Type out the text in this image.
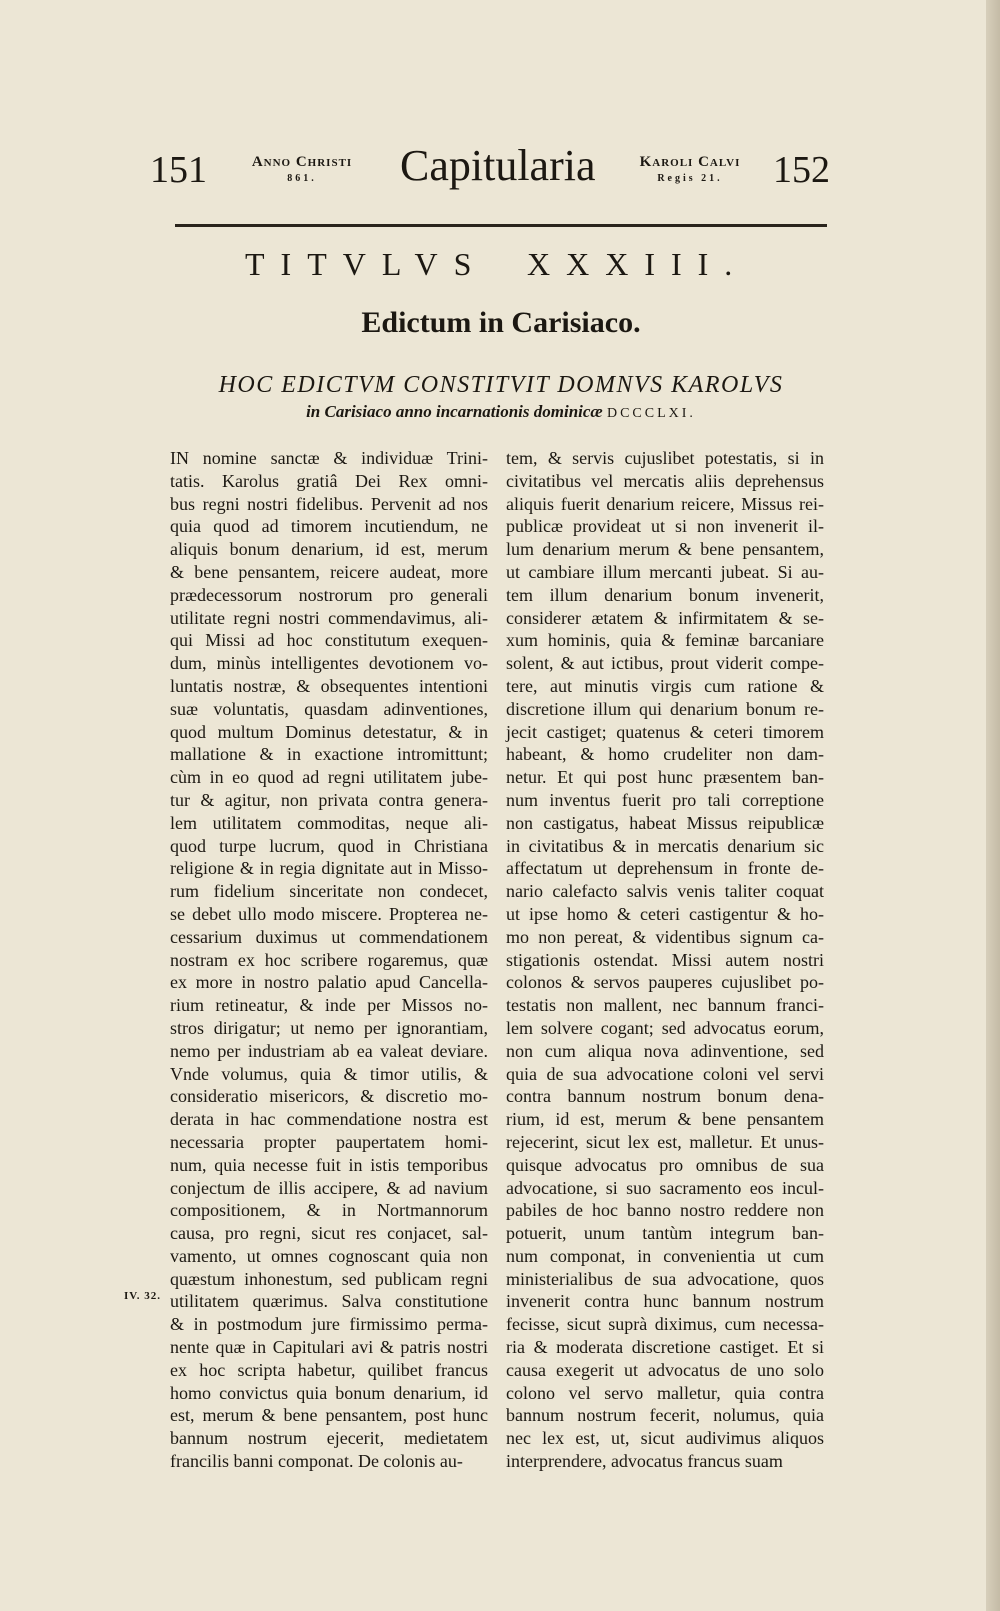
151	Anno Christi
861.	Capitularia	Karoli Calvi
Regis 21.	152
TITVLVS XXXIII.
Edictum in Carisiaco.
HOC EDICTVM CONSTITVIT DOMNVS KAROLVS
in Carisiaco anno incarnationis dominicæ DCCCLXI.
IN nomine sanctæ & individuæ Trini-
tatis. Karolus gratiâ Dei Rex omni-
bus regni nostri fidelibus. Pervenit ad nos
quia quod ad timorem incutiendum, ne
aliquis bonum denarium, id est, merum
& bene pensantem, reicere audeat, more
prædecessorum nostrorum pro generali
utilitate regni nostri commendavimus, ali-
qui Missi ad hoc constitutum exequen-
dum, minùs intelligentes devotionem vo-
luntatis nostræ, & obsequentes intentioni
suæ voluntatis, quasdam adinventiones,
quod multum Dominus detestatur, & in
mallatione & in exactione intromittunt;
cùm in eo quod ad regni utilitatem jube-
tur & agitur, non privata contra genera-
lem utilitatem commoditas, neque ali-
quod turpe lucrum, quod in Christiana
religione & in regia dignitate aut in Misso-
rum fidelium sinceritate non condecet,
se debet ullo modo miscere. Propterea ne-
cessarium duximus ut commendationem
nostram ex hoc scribere rogaremus, quæ
ex more in nostro palatio apud Cancella-
rium retineatur, & inde per Missos no-
stros dirigatur; ut nemo per ignorantiam,
nemo per industriam ab ea valeat deviare.
Vnde volumus, quia & timor utilis, &
consideratio misericors, & discretio mo-
derata in hac commendatione nostra est
necessaria propter paupertatem homi-
num, quia necesse fuit in istis temporibus
conjectum de illis accipere, & ad navium
compositionem, & in Nortmannorum
causa, pro regni, sicut res conjacet, sal-
vamento, ut omnes cognoscant quia non
quæstum inhonestum, sed publicam regni
utilitatem quærimus. Salva constitutione
& in postmodum jure firmissimo perma-
nente quæ in Capitulari avi & patris nostri
ex hoc scripta habetur, quilibet francus
homo convictus quia bonum denarium, id
est, merum & bene pensantem, post hunc
bannum nostrum ejecerit, medietatem
francilis banni componat. De colonis au-
tem, & servis cujuslibet potestatis, si in
civitatibus vel mercatis aliis deprehensus
aliquis fuerit denarium reicere, Missus rei-
publicæ provideat ut si non invenerit il-
lum denarium merum & bene pensantem,
ut cambiare illum mercanti jubeat. Si au-
tem illum denarium bonum invenerit,
considerer ætatem & infirmitatem & se-
xum hominis, quia & feminæ barcaniare
solent, & aut ictibus, prout viderit compe-
tere, aut minutis virgis cum ratione &
discretione illum qui denarium bonum re-
jecit castiget; quatenus & ceteri timorem
habeant, & homo crudeliter non dam-
netur. Et qui post hunc præsentem ban-
num inventus fuerit pro tali correptione
non castigatus, habeat Missus reipublicæ
in civitatibus & in mercatis denarium sic
affectatum ut deprehensum in fronte de-
nario calefacto salvis venis taliter coquat
ut ipse homo & ceteri castigentur & ho-
mo non pereat, & videntibus signum ca-
stigationis ostendat. Missi autem nostri
colonos & servos pauperes cujuslibet po-
testatis non mallent, nec bannum franci-
lem solvere cogant; sed advocatus eorum,
non cum aliqua nova adinventione, sed
quia de sua advocatione coloni vel servi
contra bannum nostrum bonum dena-
rium, id est, merum & bene pensantem
rejecerint, sicut lex est, malletur. Et unus-
quisque advocatus pro omnibus de sua
advocatione, si suo sacramento eos incul-
pabiles de hoc banno nostro reddere non
potuerit, unum tantùm integrum ban-
num componat, in convenientia ut cum
ministerialibus de sua advocatione, quos
invenerit contra hunc bannum nostrum
fecisse, sicut suprà diximus, cum necessa-
ria & moderata discretione castiget. Et si
causa exegerit ut advocatus de uno solo
colono vel servo malletur, quia contra
bannum nostrum fecerit, nolumus, quia
nec lex est, ut, sicut audivimus aliquos
interprendere, advocatus francus suam
IV. 32.
